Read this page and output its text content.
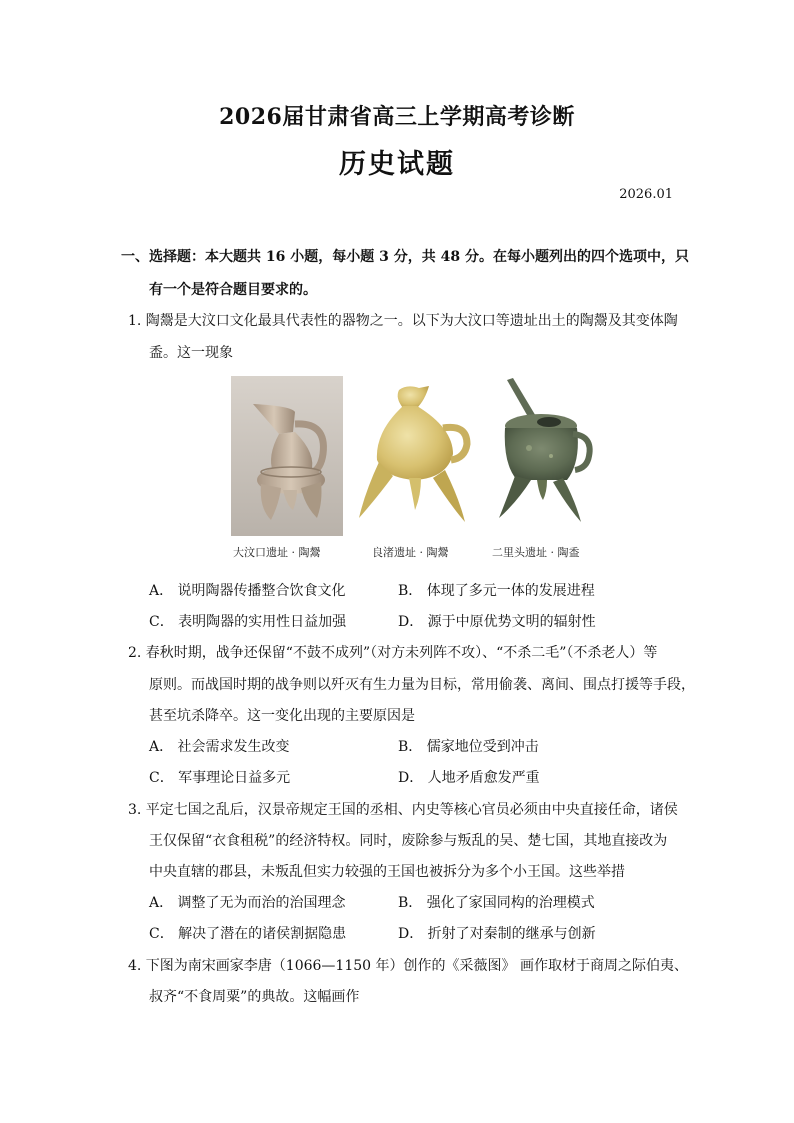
2026届甘肃省高三上学期高考诊断
历史试题
2026.01
一、选择题：本大题共 16 小题，每小题 3 分，共 48 分。在每小题列出的四个选项中，只
有一个是符合题目要求的。
1. 陶鬶是大汶口文化最具代表性的器物之一。以下为大汶口等遗址出土的陶鬶及其变体陶
盉。这一现象
大汶口遗址 · 陶鬶	良渚遗址 · 陶鬶	二里头遗址 · 陶盉
A． 说明陶器传播整合饮食文化	B． 体现了多元一体的发展进程
C． 表明陶器的实用性日益加强	D． 源于中原优势文明的辐射性
2. 春秋时期，战争还保留“不鼓不成列”（对方未列阵不攻）、“不杀二毛”（不杀老人）等
原则。而战国时期的战争则以歼灭有生力量为目标，常用偷袭、离间、围点打援等手段，
甚至坑杀降卒。这一变化出现的主要原因是
A． 社会需求发生改变	B． 儒家地位受到冲击
C． 军事理论日益多元	D． 人地矛盾愈发严重
3. 平定七国之乱后，汉景帝规定王国的丞相、内史等核心官员必须由中央直接任命，诸侯
王仅保留“衣食租税”的经济特权。同时，废除参与叛乱的吴、楚七国，其地直接改为
中央直辖的郡县，未叛乱但实力较强的王国也被拆分为多个小王国。这些举措
A． 调整了无为而治的治国理念	B． 强化了家国同构的治理模式
C． 解决了潜在的诸侯割据隐患	D． 折射了对秦制的继承与创新
4. 下图为南宋画家李唐（1066—1150 年）创作的《采薇图》 画作取材于商周之际伯夷、
叔齐“不食周粟”的典故。这幅画作
